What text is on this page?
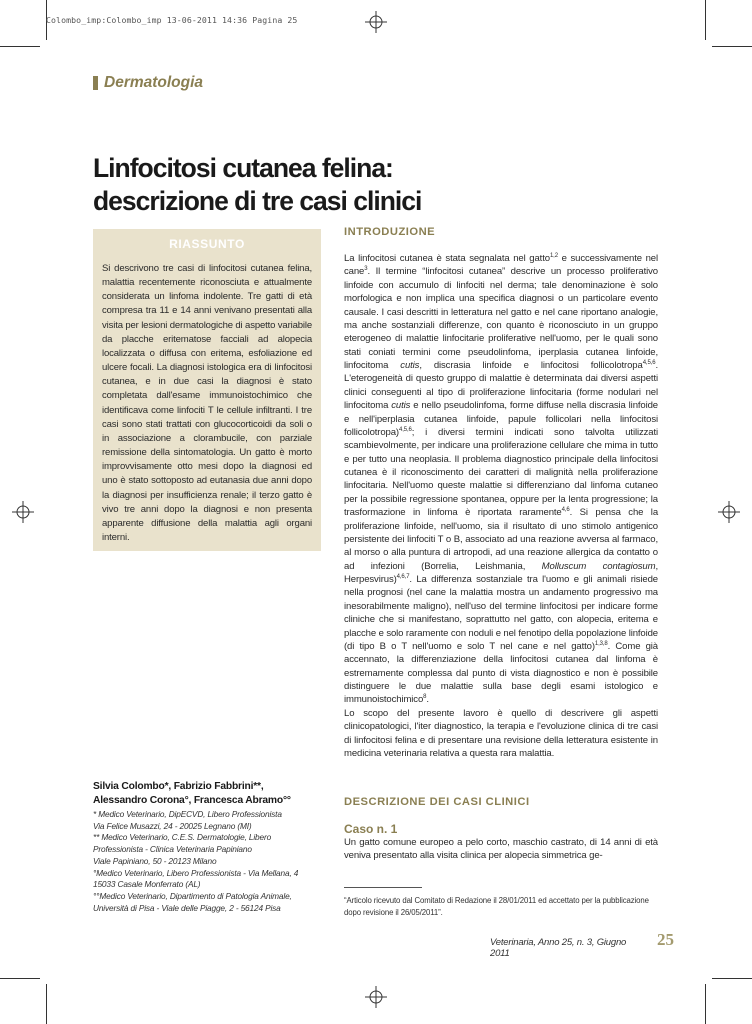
Colombo_imp:Colombo_imp 13-06-2011 14:36 Pagina 25
Dermatologia
Linfocitosi cutanea felina:
descrizione di tre casi clinici
RIASSUNTO

Si descrivono tre casi di linfocitosi cutanea felina, malattia recentemente riconosciuta e attualmente considerata un linfoma indolente. Tre gatti di età compresa tra 11 e 14 anni venivano presentati alla visita per lesioni dermatologiche di aspetto variabile da placche eritematose facciali ad alopecia localizzata o diffusa con eritema, esfoliazione ed ulcere focali. La diagnosi istologica era di linfocitosi cutanea, e in due casi la diagnosi è stato completata dall'esame immunoistochimico che identificava come linfociti T le cellule infiltranti. I tre casi sono stati trattati con glucocorticoidi da soli o in associazione a clorambucile, con parziale remissione della sintomatologia. Un gatto è morto improvvisamente otto mesi dopo la diagnosi ed uno è stato sottoposto ad eutanasia due anni dopo la diagnosi per insufficienza renale; il terzo gatto è vivo tre anni dopo la diagnosi e non presenta apparente diffusione della malattia agli organi interni.

Silvia Colombo*, Fabrizio Fabbrini**,
Alessandro Corona°, Francesca Abramo°°
* Medico Veterinario, DipECVD, Libero Professionista
Via Felice Musazzi, 24 - 20025 Legnano (MI)
** Medico Veterinario, C.E.S. Dermatologie, Libero
Professionista - Clinica Veterinaria Papiniano
Viale Papiniano, 50 - 20123 Milano
°Medico Veterinario, Libero Professionista - Via Mellana, 4
15033 Casale Monferrato (AL)
°°Medico Veterinario, Dipartimento di Patologia Animale,
Università di Pisa - Viale delle Piagge, 2 - 56124 Pisa
INTRODUZIONE

La linfocitosi cutanea è stata segnalata nel gatto$^{1,2}$ e successivamente nel cane$^3$. Il termine “linfocitosi cutanea” descrive un processo proliferativo linfoide con accumulo di linfociti nel derma; tale denominazione è solo morfologica e non implica una specifica diagnosi o un particolare evento causale. I casi descritti in letteratura nel gatto e nel cane riportano analogie, ma anche sostanziali differenze, con quanto è riconosciuto in un gruppo eterogeneo di malattie linfocitarie proliferative nell'uomo, per le quali sono stati coniati termini come pseudolinfoma, iperplasia cutanea linfoide, linfocitoma cutis, discrasia linfoide e linfocitosi follicolotropa$^{4,5,6}$. L'eterogeneità di questo gruppo di malattie è determinata dai diversi aspetti clinici conseguenti al tipo di proliferazione linfocitaria (forme nodulari nel linfocitoma cutis e nello pseudolinfoma, forme diffuse nella discrasia linfoide e nell'iperplasia cutanea linfoide, papule follicolari nella linfocitosi follicolotropa)$^{4,5,6}$; i diversi termini indicati sono talvolta utilizzati scambievolmente, per indicare una proliferazione cellulare che mima in tutto e per tutto una neoplasia. Il problema diagnostico principale della linfocitosi cutanea è il riconoscimento dei caratteri di malignità nella proliferazione linfocitaria. Nell'uomo queste malattie si differenziano dal linfoma cutaneo per la possibile regressione spontanea, oppure per la lenta progressione; la trasformazione in linfoma è riportata raramente$^{4,6}$. Si pensa che la proliferazione linfoide, nell'uomo, sia il risultato di uno stimolo antigenico persistente dei linfociti T o B, associato ad una reazione avversa al farmaco, al morso o alla puntura di artropodi, ad una reazione allergica da contatto o ad infezioni (Borrelia, Leishmania, Molluscum contagiosum, Herpesvirus)$^{4,6,7}$. La differenza sostanziale tra l'uomo e gli animali risiede nella prognosi (nel cane la malattia mostra un andamento progressivo ma inesorabilmente maligno), nell'uso del termine linfocitosi per indicare forme cliniche che si manifestano, soprattutto nel gatto, con alopecia, eritema e placche e solo raramente con noduli e nel fenotipo della popolazione linfoide (di tipo B o T nell'uomo e solo T nel cane e nel gatto)$^{1,3,8}$. Come già accennato, la differenziazione della linfocitosi cutanea dal linfoma è estremamente complessa dal punto di vista diagnostico e non è possibile distinguere le due malattie sulla base degli esami istologico e immunoistochimico$^8$.

Lo scopo del presente lavoro è quello di descrivere gli aspetti clinicopatologici, l'iter diagnostico, la terapia e l'evoluzione clinica di tre casi di linfocitosi felina e di presentare una revisione della letteratura esistente in medicina veterinaria relativa a questa rara malattia.

DESCRIZIONE DEI CASI CLINICI
Caso n. 1

Un gatto comune europeo a pelo corto, maschio castrato, di 14 anni di età veniva presentato alla visita clinica per alopecia simmetrica ge-

“Articolo ricevuto dal Comitato di Redazione il 28/01/2011 ed accettato per la pubblicazione dopo revisione il 26/05/2011”.
Veterinaria, Anno 25, n. 3, Giugno 2011
25
